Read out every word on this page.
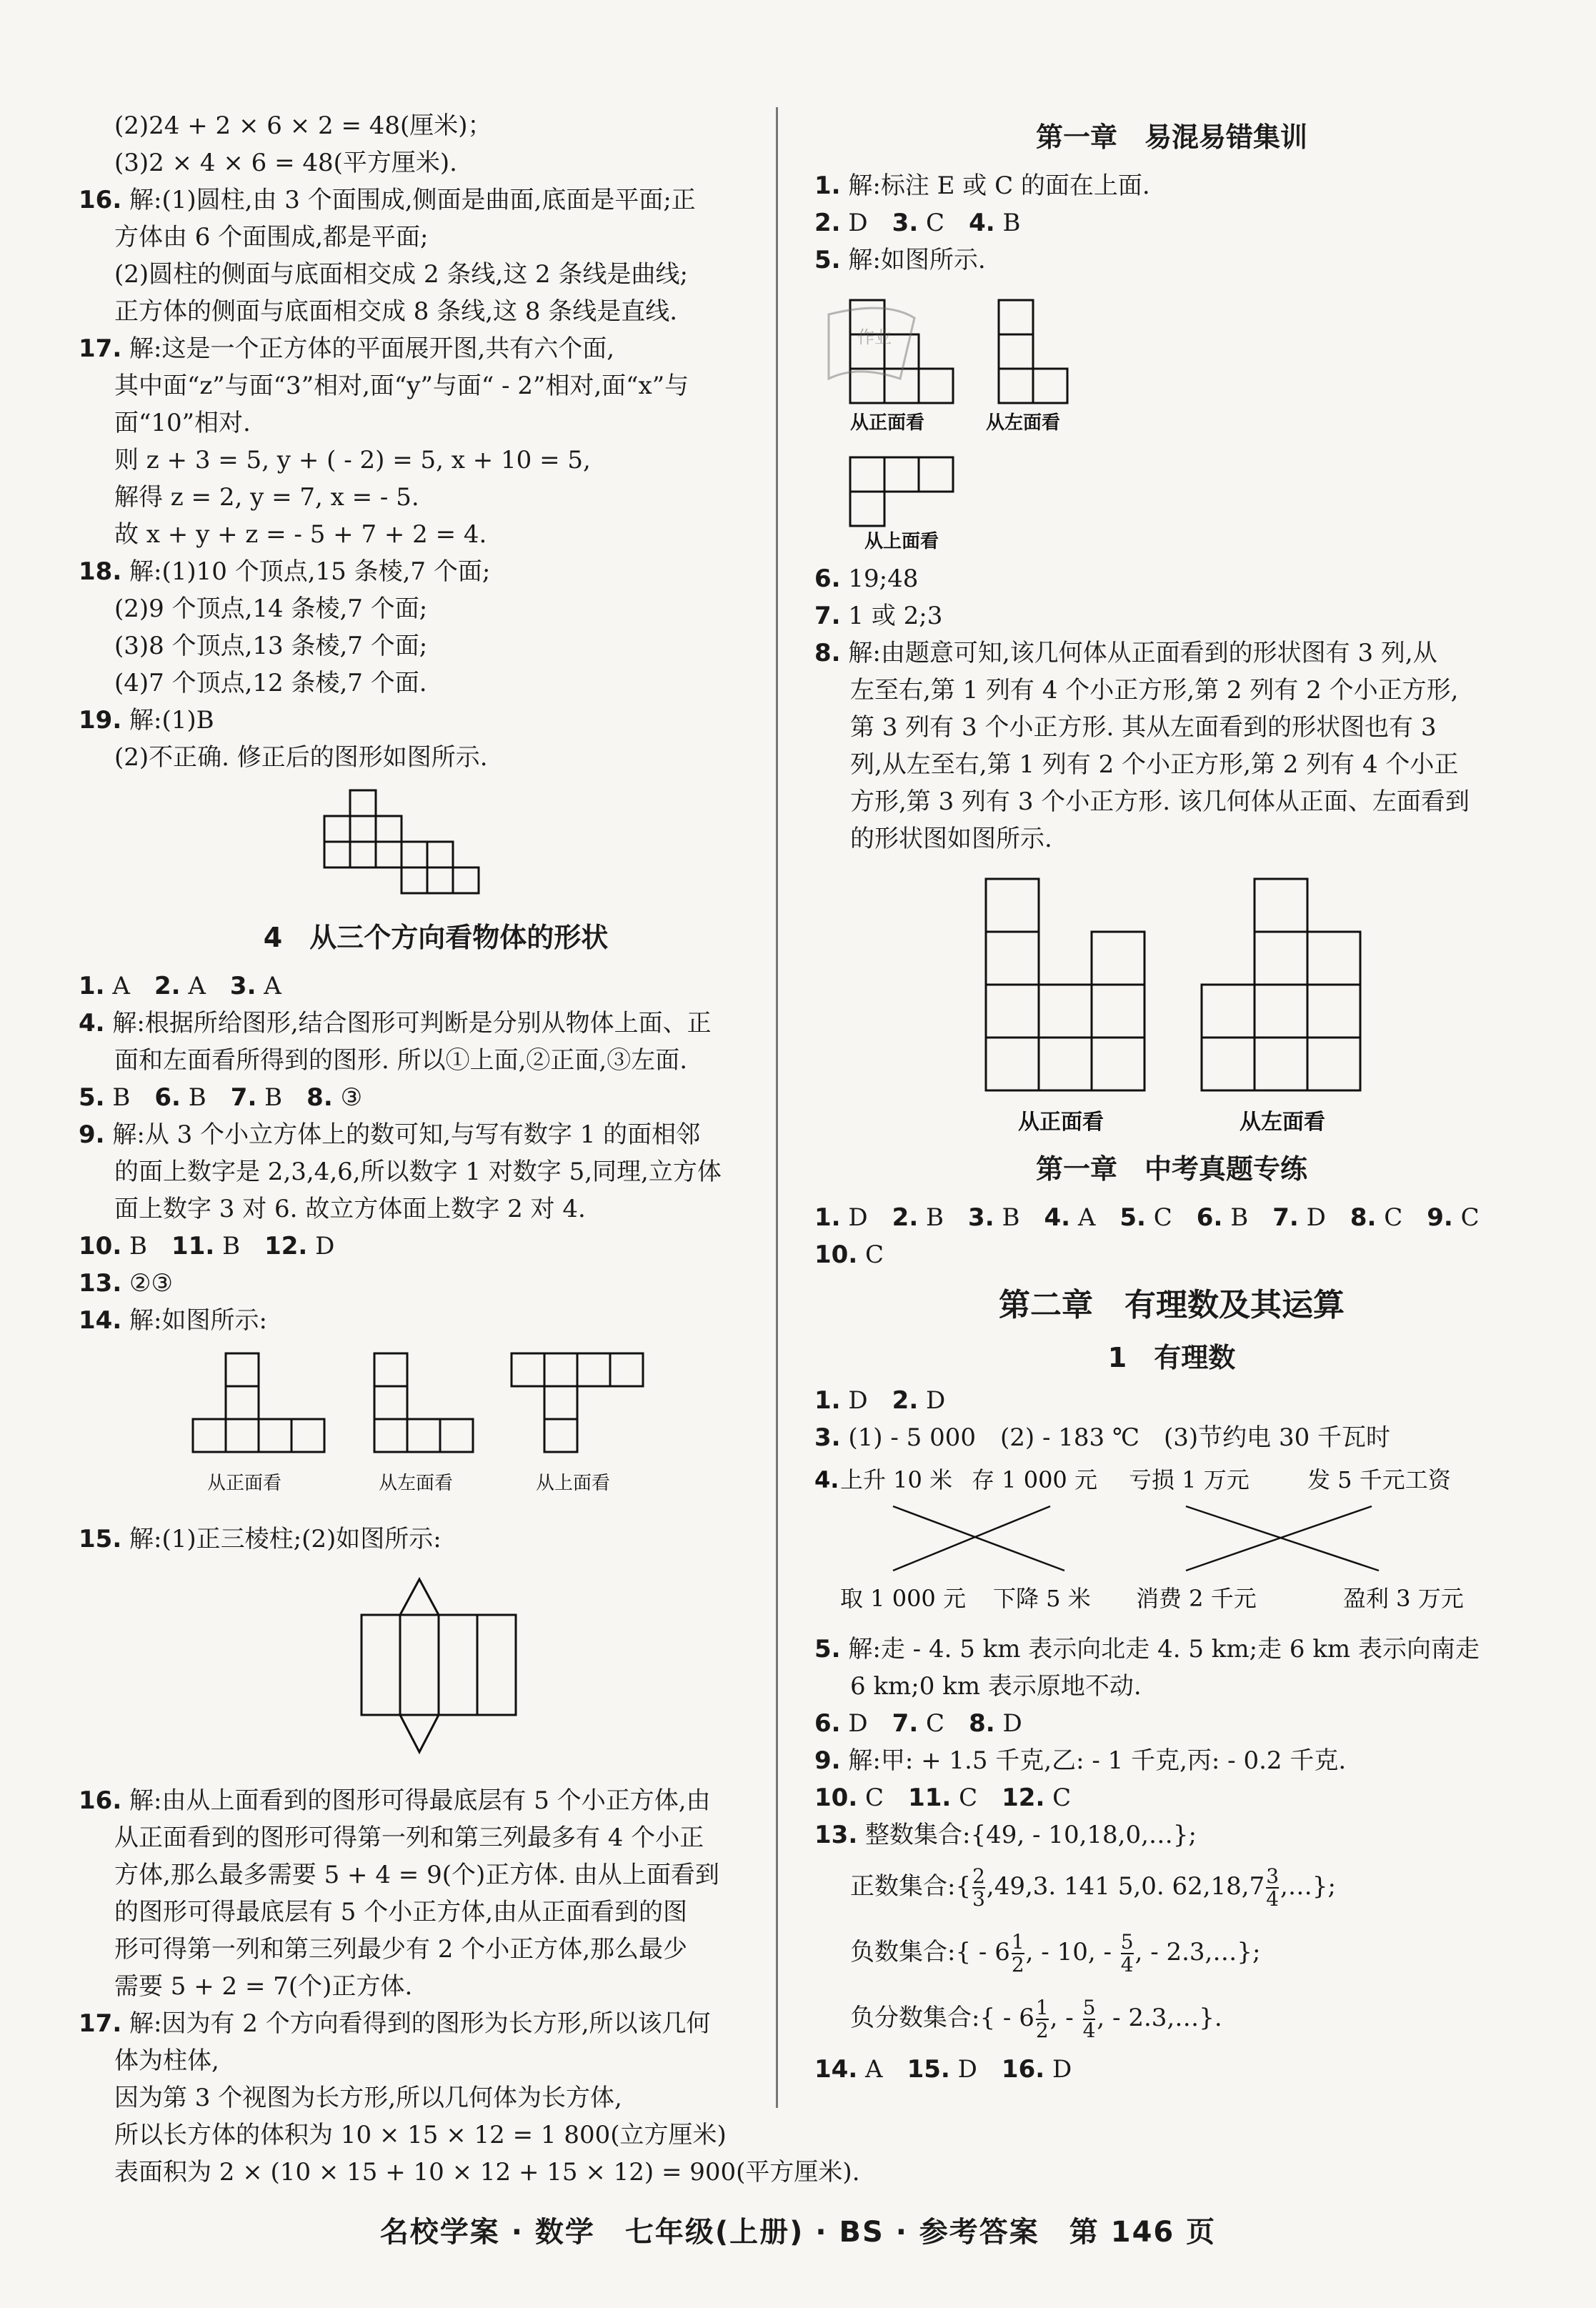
(2)24 + 2 × 6 × 2 = 48(厘米)；
(3)2 × 4 × 6 = 48(平方厘米).
16. 解:(1)圆柱,由 3 个面围成,侧面是曲面,底面是平面;正
方体由 6 个面围成,都是平面;
(2)圆柱的侧面与底面相交成 2 条线,这 2 条线是曲线;
正方体的侧面与底面相交成 8 条线,这 8 条线是直线.
17. 解:这是一个正方体的平面展开图,共有六个面,
其中面“z”与面“3”相对,面“y”与面“ - 2”相对,面“x”与
面“10”相对.
则 z + 3 = 5, y + ( - 2) = 5, x + 10 = 5,
解得 z = 2, y = 7, x = - 5.
故 x + y + z = - 5 + 7 + 2 = 4.
18. 解:(1)10 个顶点,15 条棱,7 个面;
(2)9 个顶点,14 条棱,7 个面;
(3)8 个顶点,13 条棱,7 个面;
(4)7 个顶点,12 条棱,7 个面.
19. 解:(1)B
(2)不正确. 修正后的图形如图所示.
4　从三个方向看物体的形状
1. A　 2. A　 3. A
4. 解:根据所给图形,结合图形可判断是分别从物体上面、正
面和左面看所得到的图形. 所以①上面,②正面,③左面.
5. B　 6. B　 7. B　 8. ③
9. 解:从 3 个小立方体上的数可知,与写有数字 1 的面相邻
的面上数字是 2,3,4,6,所以数字 1 对数字 5,同理,立方体
面上数字 3 对 6. 故立方体面上数字 2 对 4.
10. B　 11. B　 12. D
13. ②③
14. 解:如图所示:
从正面看	从左面看	从上面看
15. 解:(1)正三棱柱;(2)如图所示:
16. 解:由从上面看到的图形可得最底层有 5 个小正方体,由
从正面看到的图形可得第一列和第三列最多有 4 个小正
方体,那么最多需要 5 + 4 = 9(个)正方体. 由从上面看到
的图形可得最底层有 5 个小正方体,由从正面看到的图
形可得第一列和第三列最少有 2 个小正方体,那么最少
需要 5 + 2 = 7(个)正方体.
17. 解:因为有 2 个方向看得到的图形为长方形,所以该几何
体为柱体,
因为第 3 个视图为长方形,所以几何体为长方体,
所以长方体的体积为 10 × 15 × 12 = 1 800(立方厘米)
表面积为 2 × (10 × 15 + 10 × 12 + 15 × 12) = 900(平方厘米).
第一章　易混易错集训
1. 解:标注 E 或 C 的面在上面.
2. D　 3. C　 4. B
5. 解:如图所示.
作业
从正面看	从左面看
从上面看
6. 19;48
7. 1 或 2;3
8. 解:由题意可知,该几何体从正面看到的形状图有 3 列,从
左至右,第 1 列有 4 个小正方形,第 2 列有 2 个小正方形,
第 3 列有 3 个小正方形. 其从左面看到的形状图也有 3
列,从左至右,第 1 列有 2 个小正方形,第 2 列有 4 个小正
方形,第 3 列有 3 个小正方形. 该几何体从正面、左面看到
的形状图如图所示.
从正面看	从左面看
第一章　中考真题专练
1. D　 2. B　 3. B　 4. A　 5. C　 6. B　 7. D　 8. C　 9. C
10. C
第二章　有理数及其运算
1　有理数
1. D　 2. D
3. (1) - 5 000　(2) - 183 ℃　(3)节约电 30 千瓦时
4. 上升 10 米 存 1 000 元 亏损 1 万元	发 5 千元工资
取 1 000 元 下降 5 米 消费 2 千元	盈利 3 万元
5. 解:走 - 4. 5 km 表示向北走 4. 5 km;走 6 km 表示向南走
6 km;0 km 表示原地不动.
6. D　 7. C　 8. D
9. 解:甲: + 1.5 千克,乙: - 1 千克,丙: - 0.2 千克.
10. C　 11. C　 12. C
13. 整数集合:{49, - 10,18,0,…};
正数集合:{ $\frac{2}{3} ,49,3$. 141 5,0. $62,18,7 \frac{3}{4}$ ,…};
负数集合:{ - $6 \frac{1}{2}$ , - 10, - $\frac{5}{4}$ , - 2.3,…};
负分数集合:{ - $6 \frac{1}{2}$ , - $\frac{5}{4}$ , - 2.3,…}.
14. A　 15. D　 16. D
名校学案 · 数学　七年级(上册) · BS · 参考答案　第 146 页
